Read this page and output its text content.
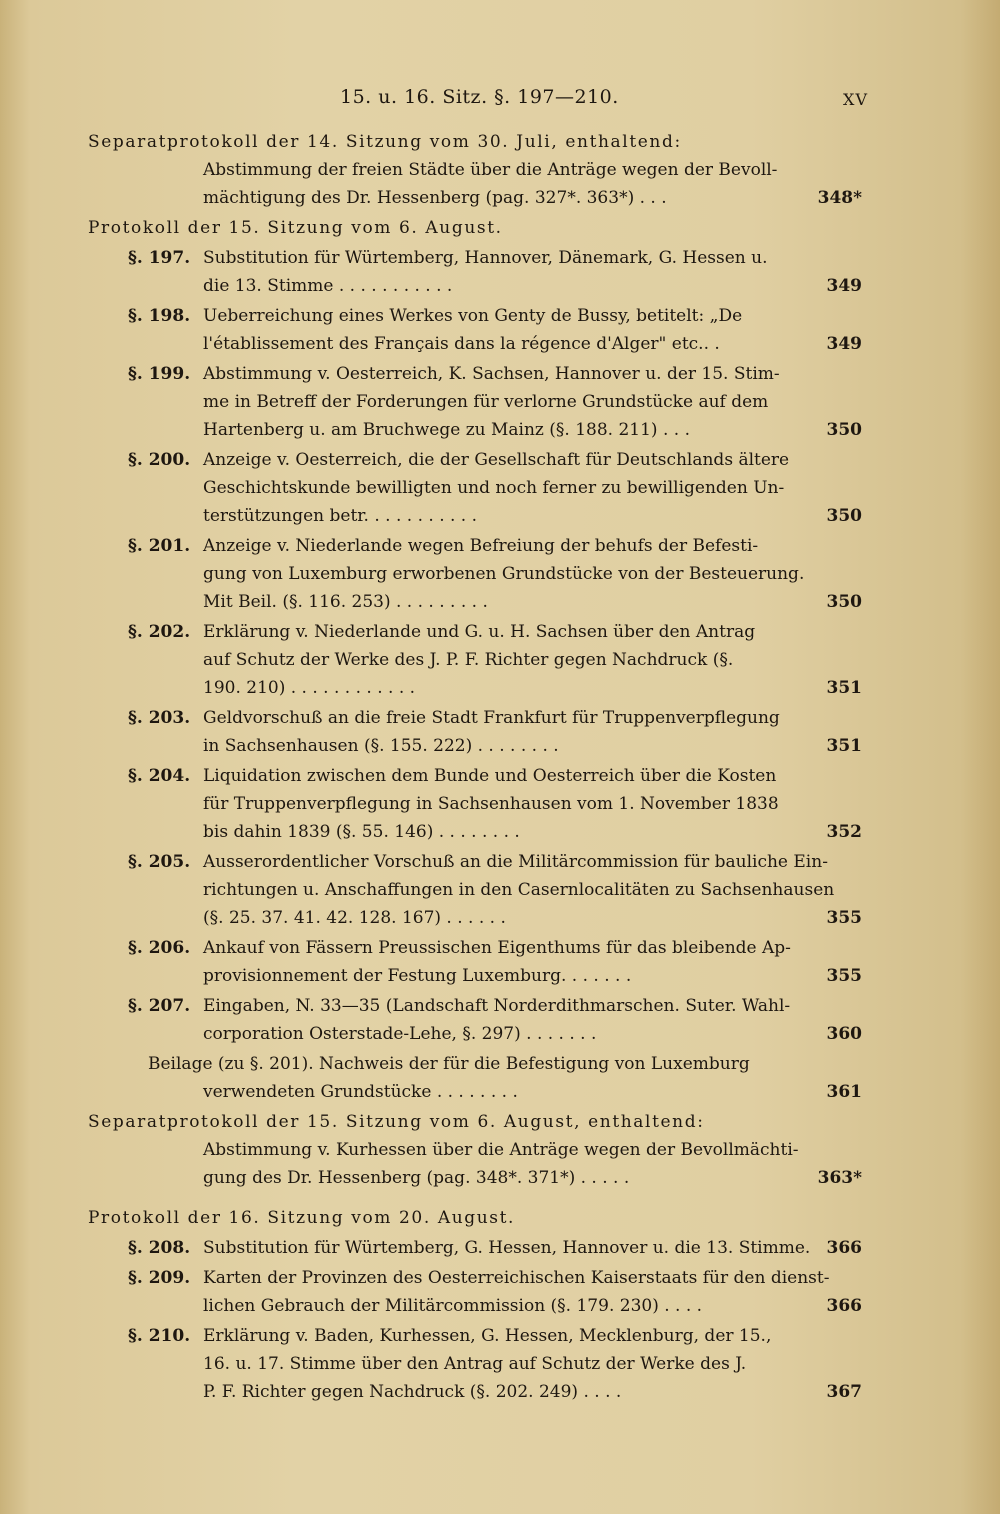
15. u. 16. Sitz. §. 197—210.	XV
Separatprotokoll der 14. Sitzung vom 30. Juli, enthaltend:
Abstimmung der freien Städte über die Anträge wegen der Bevoll-
mächtigung des Dr. Hessenberg (pag. 327*. 363*) . . .	348*
Protokoll der 15. Sitzung vom 6. August.
§. 197. Substitution für Würtemberg, Hannover, Dänemark, G. Hessen u.
die 13. Stimme . . . . . . . . . . .	349
§. 198. Ueberreichung eines Werkes von Genty de Bussy, betitelt: „De
l'établissement des Français dans la régence d'Alger" etc.. .	349
§. 199. Abstimmung v. Oesterreich, K. Sachsen, Hannover u. der 15. Stim-
me in Betreff der Forderungen für verlorne Grundstücke auf dem
Hartenberg u. am Bruchwege zu Mainz (§. 188. 211) . . .	350
§. 200. Anzeige v. Oesterreich, die der Gesellschaft für Deutschlands ältere
Geschichtskunde bewilligten und noch ferner zu bewilligenden Un-
terstützungen betr. . . . . . . . . . .	350
§. 201. Anzeige v. Niederlande wegen Befreiung der behufs der Befesti-
gung von Luxemburg erworbenen Grundstücke von der Besteuerung.
Mit Beil. (§. 116. 253) . . . . . . . . .	350
§. 202. Erklärung v. Niederlande und G. u. H. Sachsen über den Antrag
auf Schutz der Werke des J. P. F. Richter gegen Nachdruck (§.
190. 210) . . . . . . . . . . . .	351
§. 203. Geldvorschuß an die freie Stadt Frankfurt für Truppenverpflegung
in Sachsenhausen (§. 155. 222) . . . . . . . .	351
§. 204. Liquidation zwischen dem Bunde und Oesterreich über die Kosten
für Truppenverpflegung in Sachsenhausen vom 1. November 1838
bis dahin 1839 (§. 55. 146) . . . . . . . .	352
§. 205. Ausserordentlicher Vorschuß an die Militärcommission für bauliche Ein-
richtungen u. Anschaffungen in den Casernlocalitäten zu Sachsenhausen
(§. 25. 37. 41. 42. 128. 167) . . . . . .	355
§. 206. Ankauf von Fässern Preussischen Eigenthums für das bleibende Ap-
provisionnement der Festung Luxemburg. . . . . . .	355
§. 207. Eingaben, N. 33—35 (Landschaft Norderdithmarschen. Suter. Wahl-
corporation Osterstade-Lehe, §. 297) . . . . . . .	360
Beilage (zu §. 201). Nachweis der für die Befestigung von Luxemburg
verwendeten Grundstücke . . . . . . . .	361
Separatprotokoll der 15. Sitzung vom 6. August, enthaltend:
Abstimmung v. Kurhessen über die Anträge wegen der Bevollmächti-
gung des Dr. Hessenberg (pag. 348*. 371*) . . . . .	363*
Protokoll der 16. Sitzung vom 20. August.
§. 208. Substitution für Würtemberg, G. Hessen, Hannover u. die 13. Stimme. 366
§. 209. Karten der Provinzen des Oesterreichischen Kaiserstaats für den dienst-
lichen Gebrauch der Militärcommission (§. 179. 230) . . . .	366
§. 210. Erklärung v. Baden, Kurhessen, G. Hessen, Mecklenburg, der 15.,
16. u. 17. Stimme über den Antrag auf Schutz der Werke des J.
P. F. Richter gegen Nachdruck (§. 202. 249) . . . .	367
